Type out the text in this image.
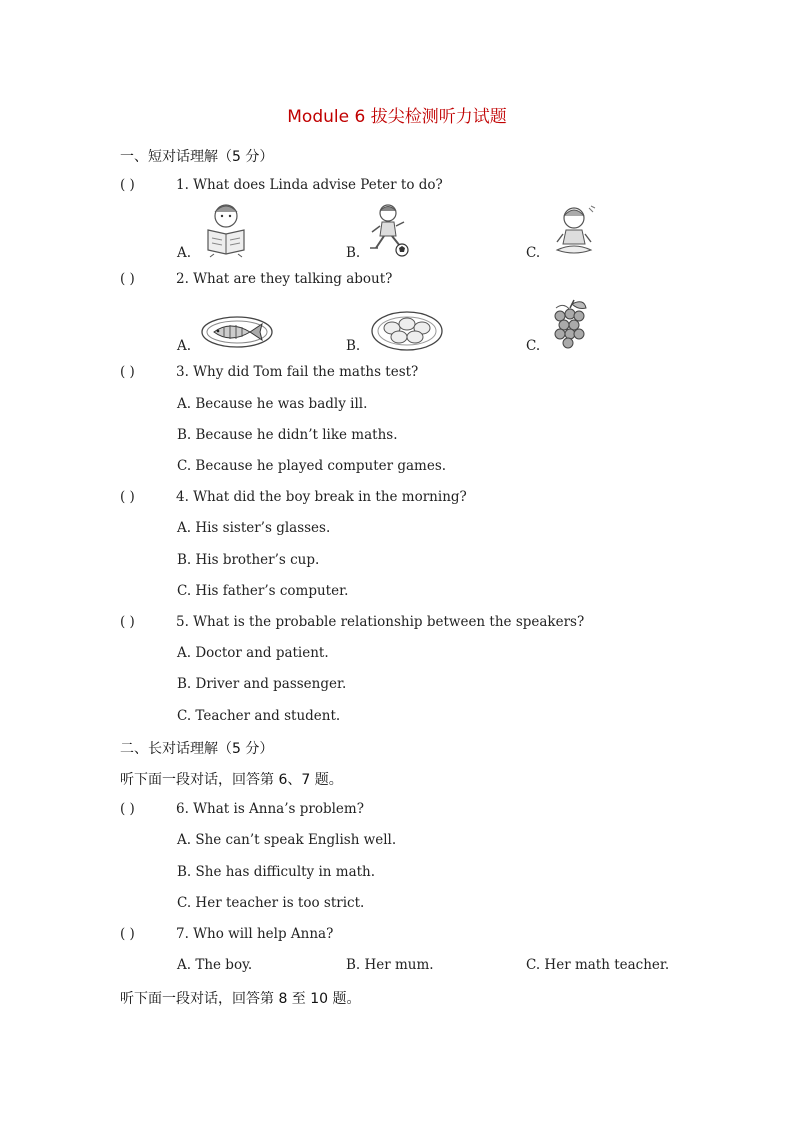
Module 6 拔尖检测听力试题
一、短对话理解（5 分）
( )	1. What does Linda advise Peter to do?
A.	B.	C.
( )	2. What are they talking about?
A.	B.	C.
( )	3. Why did Tom fail the maths test?
A. Because he was badly ill.
B. Because he didn’t like maths.
C. Because he played computer games.
( )	4. What did the boy break in the morning?
A. His sister’s glasses.
B. His brother’s cup.
C. His father’s computer.
( )	5. What is the probable relationship between the speakers?
A. Doctor and patient.
B. Driver and passenger.
C. Teacher and student.
二、长对话理解（5 分）
听下面一段对话，回答第 6、7 题。
( )	6. What is Anna’s problem?
A. She can’t speak English well.
B. She has difficulty in math.
C. Her teacher is too strict.
( )	7. Who will help Anna?
A. The boy.	B. Her mum.	C. Her math teacher.
听下面一段对话，回答第 8 至 10 题。
